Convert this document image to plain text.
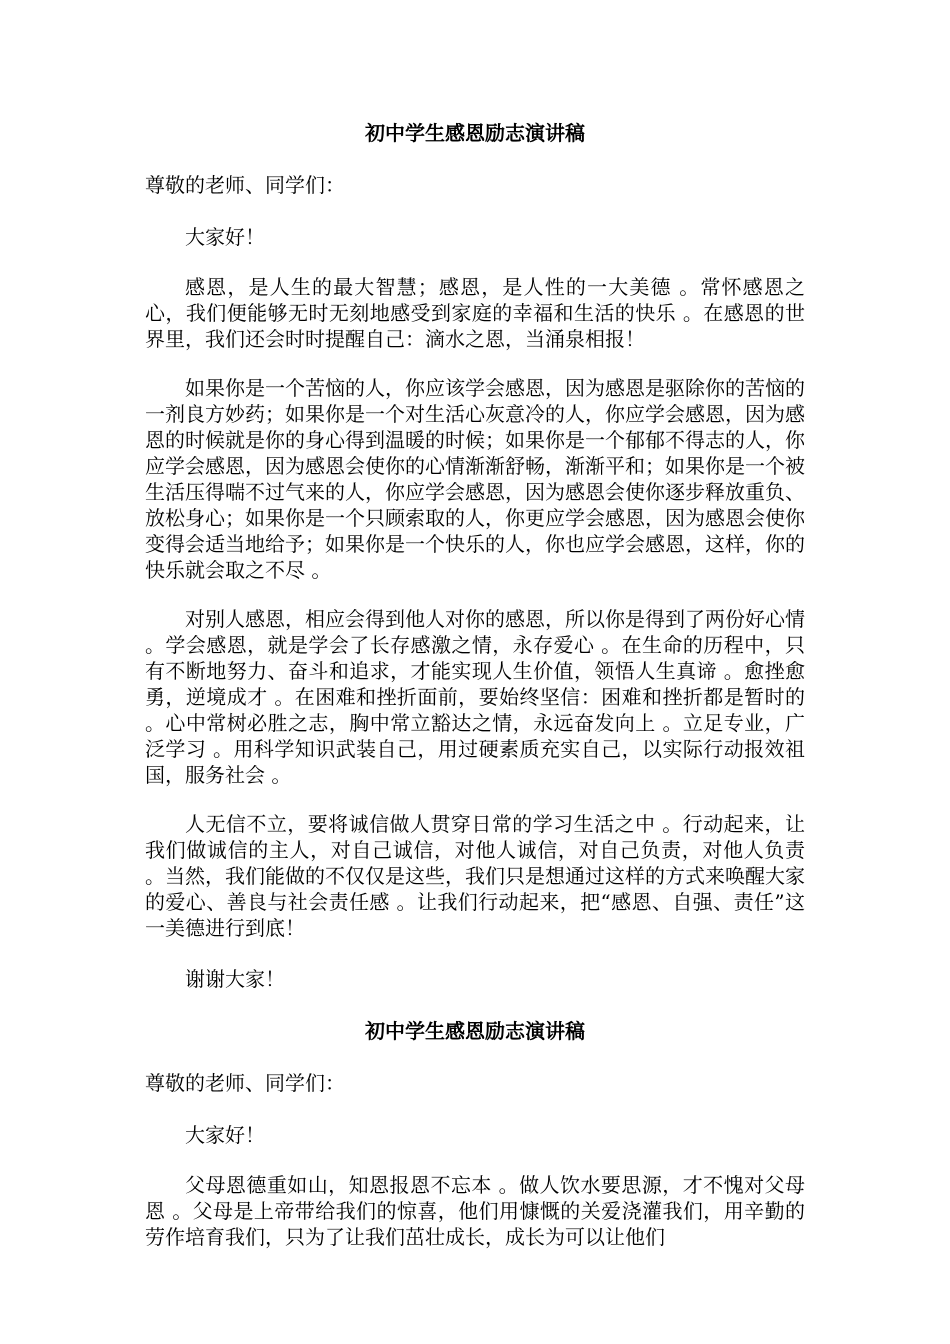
初中学生感恩励志演讲稿
尊敬的老师、同学们：
大家好！
感恩，是人生的最大智慧；感恩，是人性的一大美德 。常怀感恩之心，我们便能够无时无刻地感受到家庭的幸福和生活的快乐 。在感恩的世界里，我们还会时时提醒自己：滴水之恩，当涌泉相报！
如果你是一个苦恼的人，你应该学会感恩，因为感恩是驱除你的苦恼的一剂良方妙药；如果你是一个对生活心灰意冷的人，你应学会感恩，因为感恩的时候就是你的身心得到温暖的时候；如果你是一个郁郁不得志的人，你应学会感恩，因为感恩会使你的心情渐渐舒畅，渐渐平和；如果你是一个被生活压得喘不过气来的人，你应学会感恩，因为感恩会使你逐步释放重负、放松身心；如果你是一个只顾索取的人，你更应学会感恩，因为感恩会使你变得会适当地给予；如果你是一个快乐的人，你也应学会感恩，这样，你的快乐就会取之不尽 。
对别人感恩，相应会得到他人对你的感恩，所以你是得到了两份好心情 。学会感恩，就是学会了长存感激之情，永存爱心 。在生命的历程中，只有不断地努力、奋斗和追求，才能实现人生价值，领悟人生真谛 。愈挫愈勇，逆境成才 。在困难和挫折面前，要始终坚信：困难和挫折都是暂时的 。心中常树必胜之志，胸中常立豁达之情，永远奋发向上 。立足专业，广泛学习 。用科学知识武装自己，用过硬素质充实自己，以实际行动报效祖国，服务社会 。
人无信不立，要将诚信做人贯穿日常的学习生活之中 。行动起来，让我们做诚信的主人，对自己诚信，对他人诚信，对自己负责，对他人负责 。当然，我们能做的不仅仅是这些，我们只是想通过这样的方式来唤醒大家的爱心、善良与社会责任感 。让我们行动起来，把“感恩、自强、责任”这一美德进行到底！
谢谢大家！
初中学生感恩励志演讲稿
尊敬的老师、同学们：
大家好！
父母恩德重如山，知恩报恩不忘本 。做人饮水要思源，才不愧对父母恩 。父母是上帝带给我们的惊喜，他们用慷慨的关爱浇灌我们，用辛勤的劳作培育我们，只为了让我们茁壮成长，成长为可以让他们
